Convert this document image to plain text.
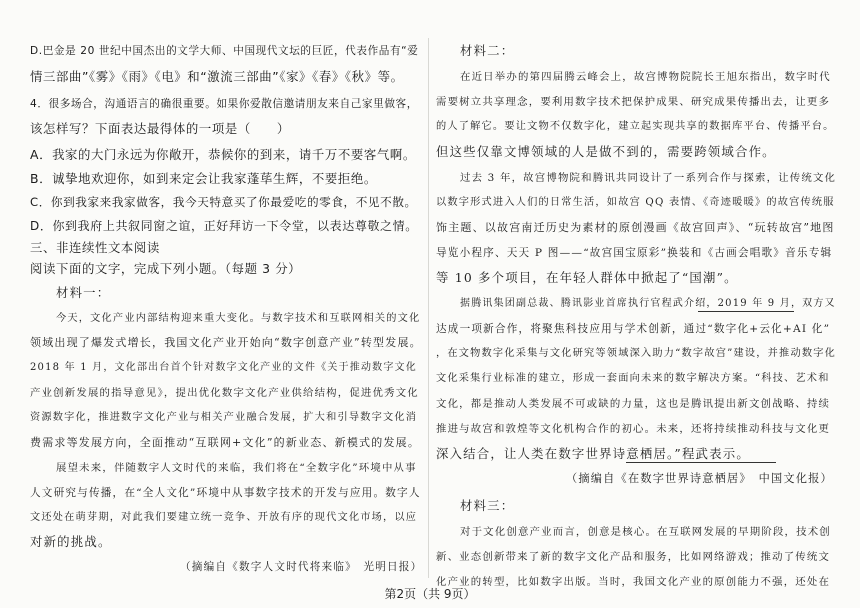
D.巴金是 20 世纪中国杰出的文学大师、中国现代文坛的巨匠，代表作品有“爱
情三部曲”《雾》《雨》《电》和“激流三部曲”《家》《春》《秋》等。
4．很多场合，沟通语言的确很重要。如果你爱散信邀请朋友来自己家里做客，
该怎样写？下面表达最得体的一项是（　　）
A．我家的大门永远为你敞开，恭候你的到来，请千万不要客气啊。
B．诚挚地欢迎你，如到来定会让我家蓬荜生辉，不要拒绝。
C．你到我家来我家做客，我今天特意买了你最爱吃的零食，不见不散。
D．你到我府上共叙同窗之谊，正好拜访一下令堂，以表达尊敬之情。
三、非连续性文本阅读
阅读下面的文字，完成下列小题。（每题 3 分）
材料一：
今天，文化产业内部结构迎来重大变化。与数字技术和互联网相关的文化
领域出现了爆发式增长，我国文化产业开始向“数字创意产业”转型发展。
2018 年 1 月，文化部出台首个针对数字文化产业的文件《关于推动数字文化
产业创新发展的指导意见》，提出优化数字文化产业供给结构，促进优秀文化
资源数字化，推进数字文化产业与相关产业融合发展，扩大和引导数字文化消
费需求等发展方向，全面推动“互联网+文化”的新业态、新模式的发展。
展望未来，伴随数字人文时代的来临，我们将在“全数字化”环境中从事
人文研究与传播，在“全人文化”环境中从事数字技术的开发与应用。数字人
文还处在萌芽期，对此我们要建立统一竞争、开放有序的现代文化市场，以应
对新的挑战。
（摘编自《数字人文时代将来临》　光明日报）
材料二：
在近日举办的第四届腾云峰会上，故宫博物院院长王旭东指出，数字时代
需要树立共享理念，要利用数字技术把保护成果、研究成果传播出去，让更多
的人了解它。要让文物不仅数字化，建立起实现共享的数据库平台、传播平台。
但这些仅靠文博领域的人是做不到的，需要跨领域合作。
过去 3 年，故宫博物院和腾讯共同设计了一系列合作与探索，让传统文化
以数字形式进入人们的日常生活，如故宫 QQ 表情、《奇迹暖暖》的故宫传统服
饰主题、以故宫南迁历史为素材的原创漫画《故宫回声》、“玩转故宫”地图
导览小程序、天天 P 图——“故宫国宝原彩”换装和《古画会唱歌》音乐专辑
等 10 多个项目，在年轻人群体中掀起了“国潮”。
据腾讯集团副总裁、腾讯影业首席执行官程武介绍，2019 年 9 月，双方又
达成一项新合作，将聚焦科技应用与学术创新，通过“数字化+云化+AI 化”
，在文物数字化采集与文化研究等领域深入助力“数字故宫”建设，并推动数字化
文化采集行业标准的建立，形成一套面向未来的数字解决方案。“科技、艺术和
文化，都是推动人类发展不可或缺的力量，这也是腾讯提出新文创战略、持续
推进与故宫和敦煌等文化机构合作的初心。未来，还将持续推动科技与文化更
深入结合，让人类在数字世界诗意栖居。”程武表示。
（摘编自《在数字世界诗意栖居》　中国文化报）
材料三：
对于文化创意产业而言，创意是核心。在互联网发展的早期阶段，技术创
新、业态创新带来了新的数字文化产品和服务，比如网络游戏；推动了传统文
化产业的转型，比如数字出版。当时，我国文化产业的原创能力不强，还处在
第2页（共 9页）
